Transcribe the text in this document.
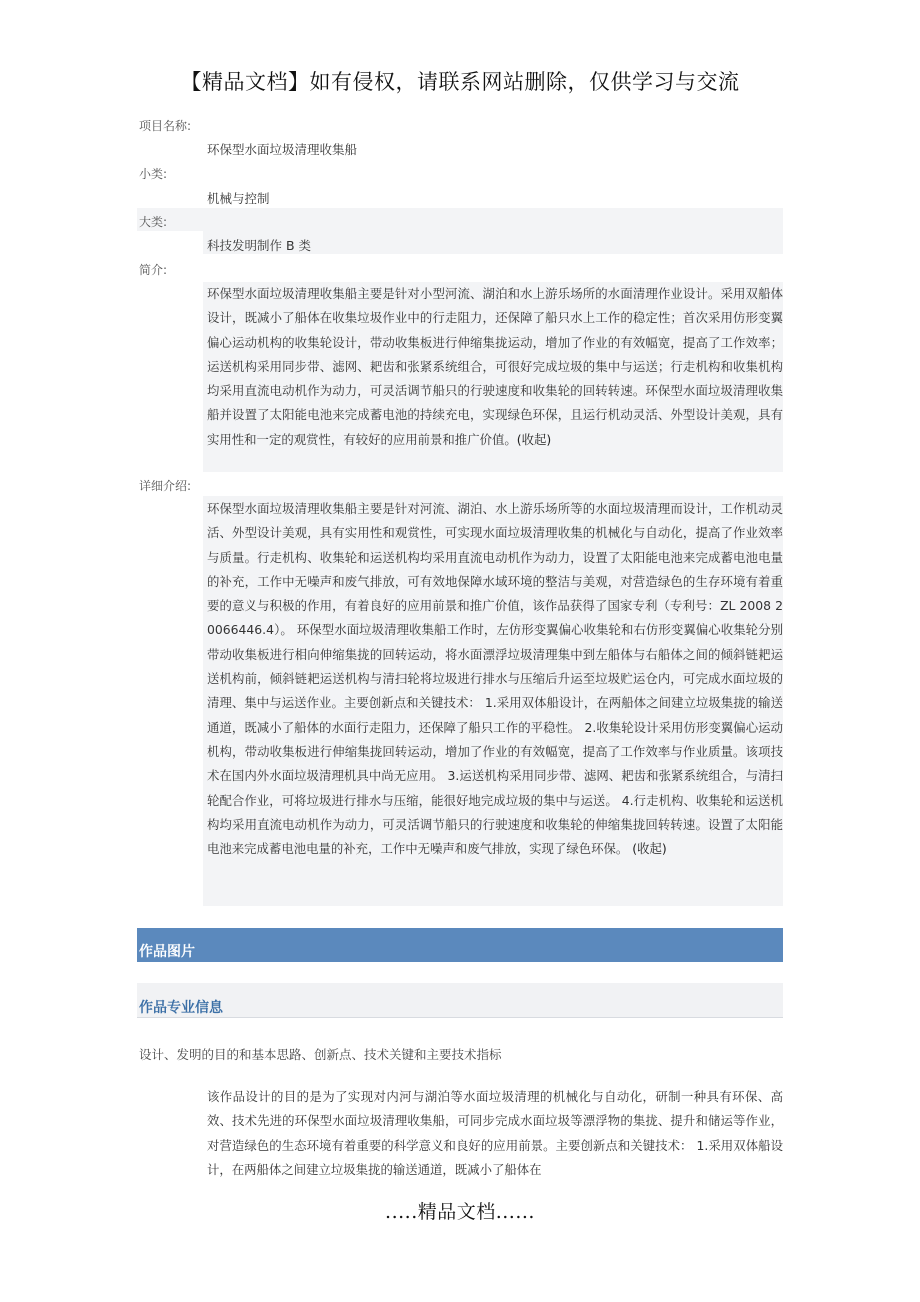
【精品文档】如有侵权，请联系网站删除，仅供学习与交流
项目名称:
环保型水面垃圾清理收集船
小类:
机械与控制
大类:
科技发明制作 B 类
简介:
环保型水面垃圾清理收集船主要是针对小型河流、湖泊和水上游乐场所的水面清理作业设计。采用双船体设计，既减小了船体在收集垃圾作业中的行走阻力，还保障了船只水上工作的稳定性；首次采用仿形变翼偏心运动机构的收集轮设计，带动收集板进行伸缩集拢运动，增加了作业的有效幅宽，提高了工作效率；运送机构采用同步带、滤网、耙齿和张紧系统组合，可很好完成垃圾的集中与运送；行走机构和收集机构均采用直流电动机作为动力，可灵活调节船只的行驶速度和收集轮的回转转速。环保型水面垃圾清理收集船并设置了太阳能电池来完成蓄电池的持续充电，实现绿色环保，且运行机动灵活、外型设计美观，具有实用性和一定的观赏性，有较好的应用前景和推广价值。(收起)
详细介绍:
环保型水面垃圾清理收集船主要是针对河流、湖泊、水上游乐场所等的水面垃圾清理而设计，工作机动灵活、外型设计美观，具有实用性和观赏性，可实现水面垃圾清理收集的机械化与自动化，提高了作业效率与质量。行走机构、收集轮和运送机构均采用直流电动机作为动力，设置了太阳能电池来完成蓄电池电量的补充，工作中无噪声和废气排放，可有效地保障水域环境的整洁与美观，对营造绿色的生存环境有着重要的意义与积极的作用，有着良好的应用前景和推广价值，该作品获得了国家专利（专利号：ZL 2008 2 0066446.4）。 环保型水面垃圾清理收集船工作时，左仿形变翼偏心收集轮和右仿形变翼偏心收集轮分别带动收集板进行相向伸缩集拢的回转运动，将水面漂浮垃圾清理集中到左船体与右船体之间的倾斜链耙运送机构前，倾斜链耙运送机构与清扫轮将垃圾进行排水与压缩后升运至垃圾贮运仓内，可完成水面垃圾的清理、集中与运送作业。主要创新点和关键技术： 1.采用双体船设计，在两船体之间建立垃圾集拢的输送通道，既减小了船体的水面行走阻力，还保障了船只工作的平稳性。 2.收集轮设计采用仿形变翼偏心运动机构，带动收集板进行伸缩集拢回转运动，增加了作业的有效幅宽，提高了工作效率与作业质量。该项技术在国内外水面垃圾清理机具中尚无应用。 3.运送机构采用同步带、滤网、耙齿和张紧系统组合，与清扫轮配合作业，可将垃圾进行排水与压缩，能很好地完成垃圾的集中与运送。 4.行走机构、收集轮和运送机构均采用直流电动机作为动力，可灵活调节船只的行驶速度和收集轮的伸缩集拢回转转速。设置了太阳能电池来完成蓄电池电量的补充，工作中无噪声和废气排放，实现了绿色环保。 (收起)
作品图片
作品专业信息
设计、发明的目的和基本思路、创新点、技术关键和主要技术指标
该作品设计的目的是为了实现对内河与湖泊等水面垃圾清理的机械化与自动化，研制一种具有环保、高效、技术先进的环保型水面垃圾清理收集船，可同步完成水面垃圾等漂浮物的集拢、提升和储运等作业，对营造绿色的生态环境有着重要的科学意义和良好的应用前景。主要创新点和关键技术： 1.采用双体船设计，在两船体之间建立垃圾集拢的输送通道，既减小了船体在
.....精品文档......
